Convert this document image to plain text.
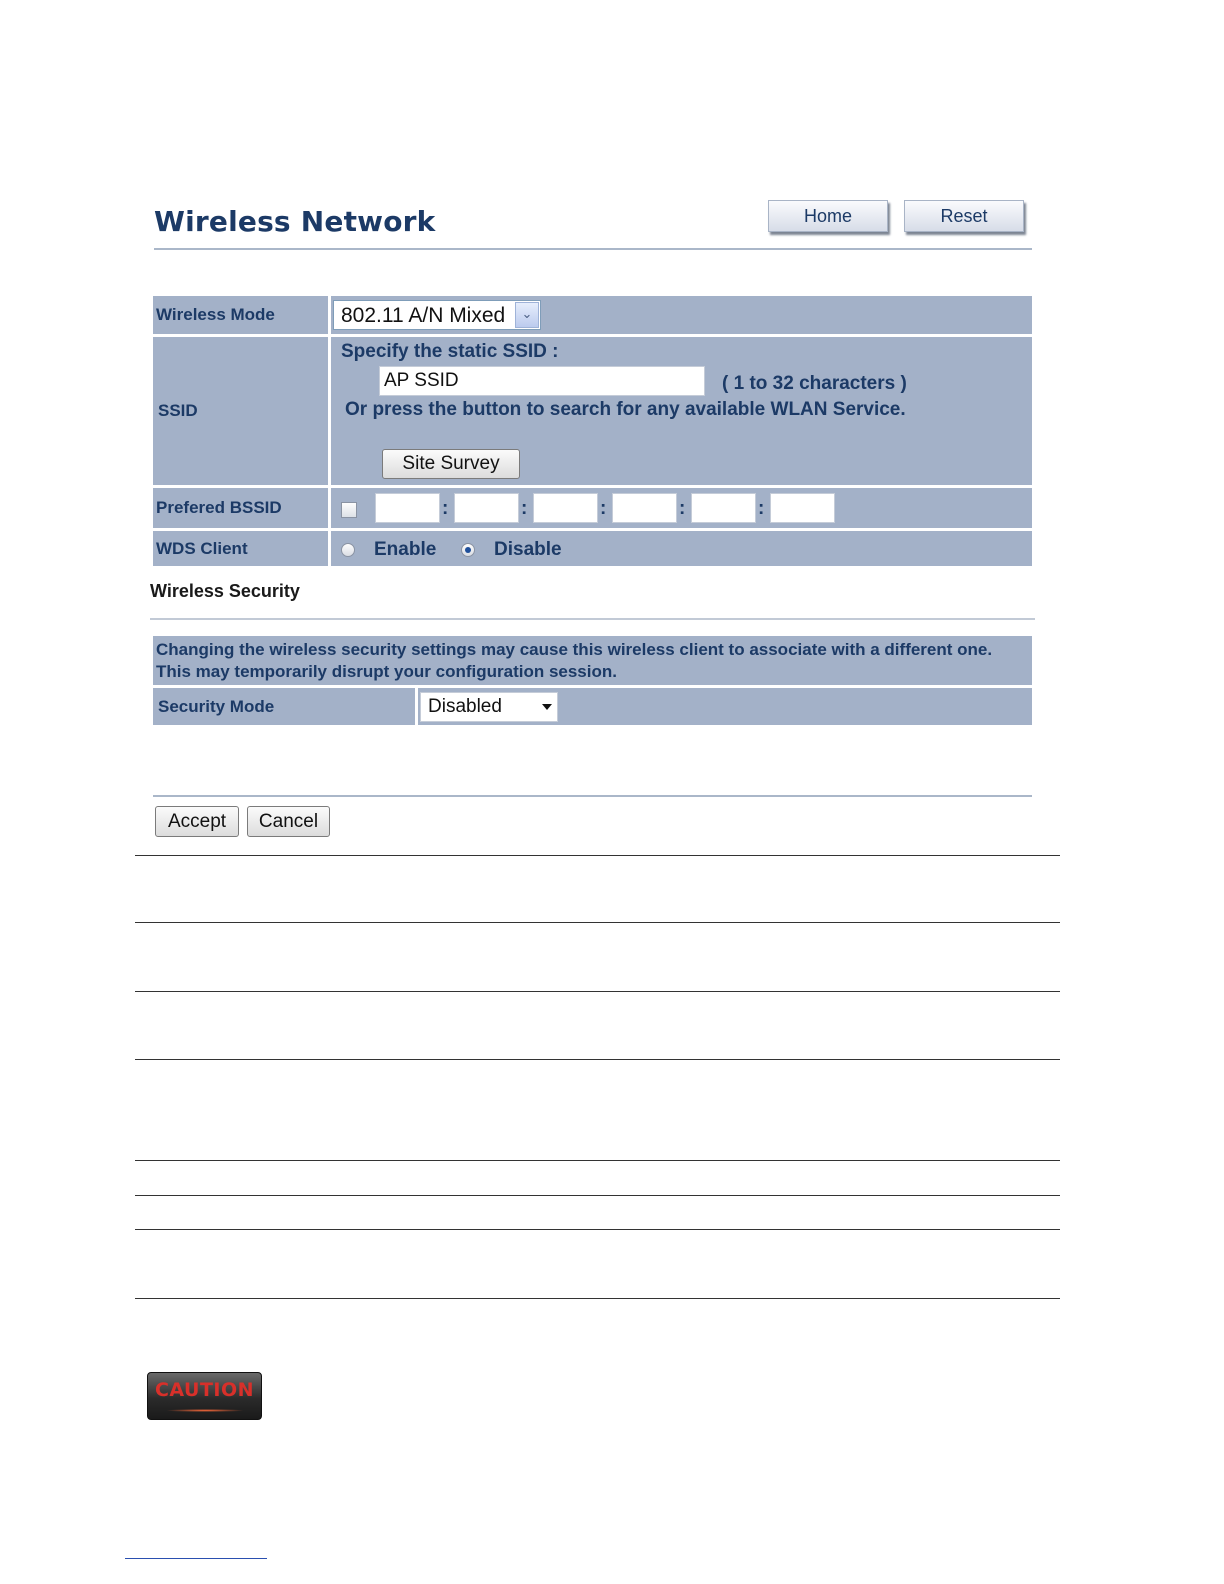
Wireless Network	Home	Reset
Wireless Mode	802.11 A/N Mixed	⌄
SSID
Specify the static SSID :
AP SSID
( 1 to 32 characters )
Or press the button to search for any available WLAN Service.
Site Survey
Prefered BSSID	:	:	:	:	:
WDS Client	Enable	Disable
Wireless Security
Changing the wireless security settings may cause this wireless client to associate with a different one.
This may temporarily disrupt your configuration session.
Security Mode	Disabled
Accept	Cancel
CAUTION
